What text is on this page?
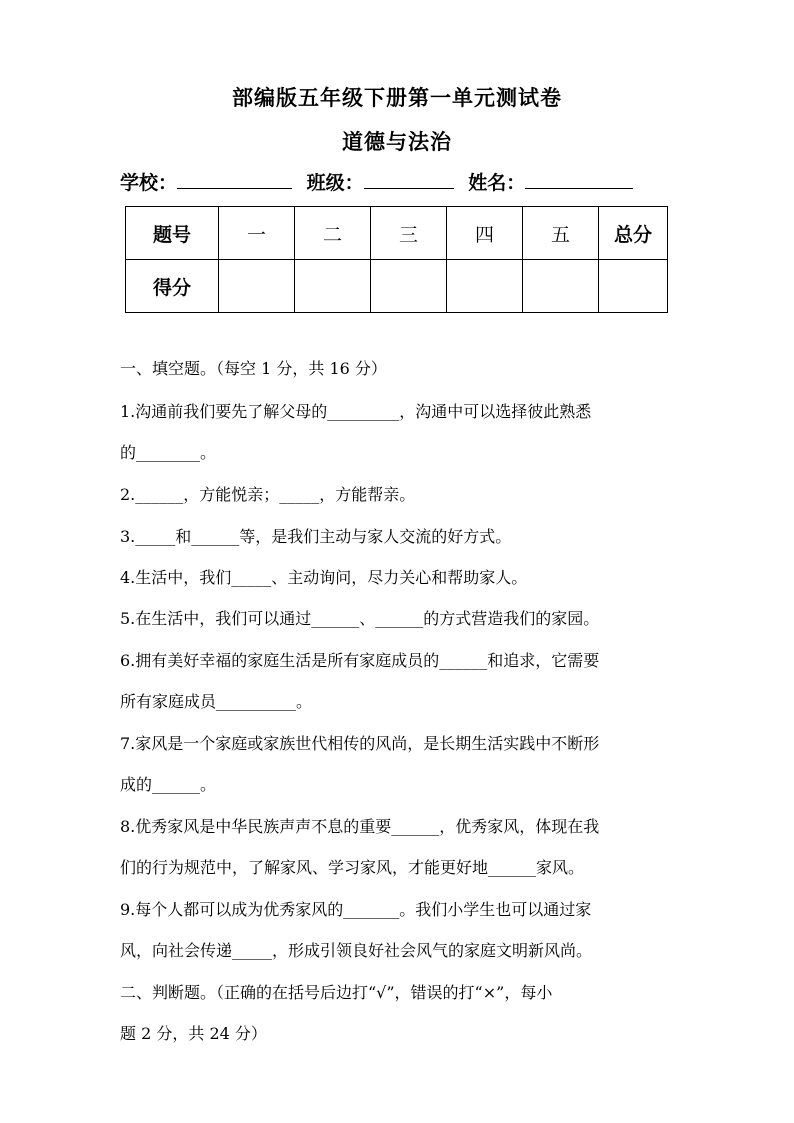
部编版五年级下册第一单元测试卷
道德与法治
学校：	班级：	姓名：
题号	一	二	三	四	五	总分
得分						
一、填空题。（每空 1 分，共 16 分）
1.沟通前我们要先了解父母的_________，沟通中可以选择彼此熟悉
的________。
2.______，方能悦亲；_____，方能帮亲。
3._____和______等，是我们主动与家人交流的好方式。
4.生活中，我们_____、主动询问，尽力关心和帮助家人。
5.在生活中，我们可以通过______、______的方式营造我们的家园。
6.拥有美好幸福的家庭生活是所有家庭成员的______和追求，它需要
所有家庭成员__________。
7.家风是一个家庭或家族世代相传的风尚，是长期生活实践中不断形
成的______。
8.优秀家风是中华民族声声不息的重要______，优秀家风，体现在我
们的行为规范中，了解家风、学习家风，才能更好地______家风。
9.每个人都可以成为优秀家风的_______。我们小学生也可以通过家
风，向社会传递_____，形成引领良好社会风气的家庭文明新风尚。
二、判断题。（正确的在括号后边打“√”，错误的打“×”，每小
题 2 分，共 24 分）
